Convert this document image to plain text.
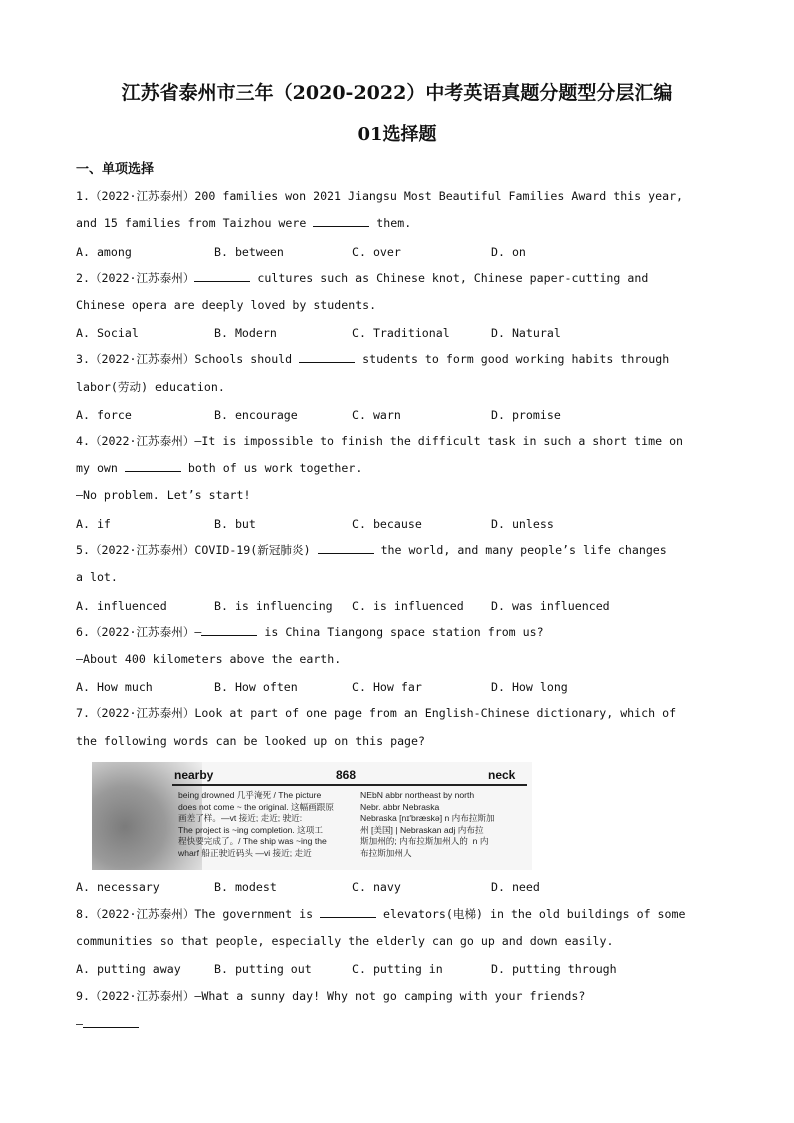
江苏省泰州市三年（2020-2022）中考英语真题分题型分层汇编
01选择题
一、单项选择
1.（2022·江苏泰州）200 families won 2021 Jiangsu Most Beautiful Families Award this year,
and 15 families from Taizhou were	them.
A. among	B. between	C. over	D. on
2.（2022·江苏泰州）	cultures such as Chinese knot, Chinese paper-cutting and
Chinese opera are deeply loved by students.
A. Social	B. Modern	C. Traditional	D. Natural
3.（2022·江苏泰州）Schools should	students to form good working habits through
labor(劳动) education.
A. force	B. encourage	C. warn	D. promise
4.（2022·江苏泰州）—It is impossible to finish the difficult task in such a short time on
my own	both of us work together.
—No problem. Let’s start!
A. if	B. but	C. because	D. unless
5.（2022·江苏泰州）COVID-19(新冠肺炎)	the world, and many people’s life changes
a lot.
A. influenced	B. is influencing C. is influenced D. was influenced
6.（2022·江苏泰州）—	is China Tiangong space station from us?
—About 400 kilometers above the earth.
A. How much	B. How often	C. How far	D. How long
7.（2022·江苏泰州）Look at part of one page from an English-Chinese dictionary, which of
the following words can be looked up on this page?
nearby	868	neck
being drowned 几乎淹死 / The picture
does not come ~ the original. 这幅画跟原
画差了样。—vt 接近; 走近; 驶近:
The project is ~ing completion. 这项工
程快要完成了。/ The ship was ~ing the
wharf 船正驶近码头 —vi 接近; 走近
NEbN abbr northeast by north
Nebr. abbr Nebraska
Nebraska [nɪ'bræskə] n 内布拉斯加
州 [美国] | Nebraskan adj 内布拉
斯加州的; 内布拉斯加州人的  n 内
布拉斯加州人
A. necessary	B. modest	C. navy	D. need
8.（2022·江苏泰州）The government is	elevators(电梯) in the old buildings of some
communities so that people, especially the elderly can go up and down easily.
A. putting away	B. putting out	C. putting in	D. putting through
9.（2022·江苏泰州）—What a sunny day! Why not go camping with your friends?
—
